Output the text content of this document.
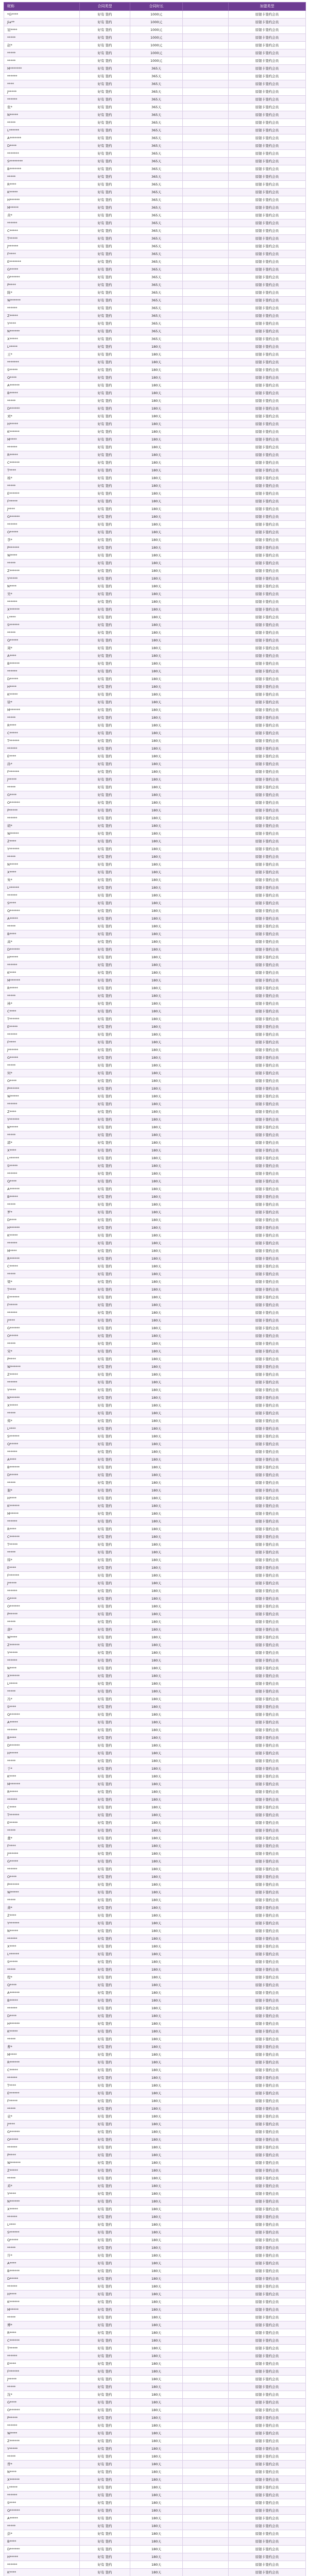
昵称	合同类型	合同时长		加盟类型
*G****	好有 签约	1000元		原银卡签约会员
Jia**	好有 签约	1000元		原银卡签约会员
冠****	好有 签约	1000元		原银卡签约会员
*****	好有 签约	1000元		原银卡签约会员
赵*	好有 签约	1000元		原银卡签约会员
*****	好有 签约	1000元		原银卡签约会员
*****	好有 签约	1000元		原银卡签约会员
M*******	好有 签约	365天		原银卡签约会员
******	好有 签约	365天		原银卡签约会员
****	好有 签约	365天		原银卡签约会员
J*****	好有 签约	365天		原银卡签约会员
******	好有 签约	365天		原银卡签约会员
张*	好有 签约	365天		原银卡签约会员
N*****	好有 签约	365天		原银卡签约会员
*****	好有 签约	365天		原银卡签约会员
L******	好有 签约	365天		原银卡签约会员
A*******	好有 签约	365天		原银卡签约会员
D****	好有 签约	365天		原银卡签约会员
*******	好有 签约	365天		原银卡签约会员
S********	好有 签约	365天		原银卡签约会员
B*******	好有 签约	365天		原银卡签约会员
*****	好有 签约	365天		原银卡签约会员
R****	好有 签约	365天		原银卡签约会员
K*****	好有 签约	365天		原银卡签约会员
H******	好有 签约	365天		原银卡签约会员
M*****	好有 签约	365天		原银卡签约会员
黄*	好有 签约	365天		原银卡签约会员
******	好有 签约	365天		原银卡签约会员
C*****	好有 签约	365天		原银卡签约会员
T*****	好有 签约	365天		原银卡签约会员
J******	好有 签约	365天		原银卡签约会员
F****	好有 签约	365天		原银卡签约会员
E*******	好有 签约	365天		原银卡签约会员
G*****	好有 签约	365天		原银卡签约会员
O******	好有 签约	365天		原银卡签约会员
P****	好有 签约	365天		原银卡签约会员
陈*	好有 签约	365天		原银卡签约会员
W******	好有 签约	365天		原银卡签约会员
******	好有 签约	365天		原银卡签约会员
Z*****	好有 签约	365天		原银卡签约会员
Y****	好有 签约	365天		原银卡签约会员
N******	好有 签约	365天		原银卡签约会员
X*****	好有 签约	365天		原银卡签约会员
L*****	好有 签约	180天		原银卡签约会员
王*	好有 签约	180天		原银卡签约会员
*******	好有 签约	180天		原银卡签约会员
S*****	好有 签约	180天		原银卡签约会员
Q****	好有 签约	180天		原银卡签约会员
A******	好有 签约	180天		原银卡签约会员
B*****	好有 签约	180天		原银卡签约会员
*****	好有 签约	180天		原银卡签约会员
D******	好有 签约	180天		原银卡签约会员
刘*	好有 签约	180天		原银卡签约会员
H*****	好有 签约	180天		原银卡签约会员
K******	好有 签约	180天		原银卡签约会员
M****	好有 签约	180天		原银卡签约会员
******	好有 签约	180天		原银卡签约会员
R*****	好有 签约	180天		原银卡签约会员
C******	好有 签约	180天		原银卡签约会员
T****	好有 签约	180天		原银卡签约会员
杨*	好有 签约	180天		原银卡签约会员
*****	好有 签约	180天		原银卡签约会员
E******	好有 签约	180天		原银卡签约会员
F*****	好有 签约	180天		原银卡签约会员
J****	好有 签约	180天		原银卡签约会员
G******	好有 签约	180天		原银卡签约会员
******	好有 签约	180天		原银卡签约会员
O*****	好有 签约	180天		原银卡签约会员
李*	好有 签约	180天		原银卡签约会员
P******	好有 签约	180天		原银卡签约会员
W****	好有 签约	180天		原银卡签约会员
*****	好有 签约	180天		原银卡签约会员
Z******	好有 签约	180天		原银卡签约会员
Y*****	好有 签约	180天		原银卡签约会员
N****	好有 签约	180天		原银卡签约会员
吴*	好有 签约	180天		原银卡签约会员
******	好有 签约	180天		原银卡签约会员
X******	好有 签约	180天		原银卡签约会员
L****	好有 签约	180天		原银卡签约会员
S******	好有 签约	180天		原银卡签约会员
*****	好有 签约	180天		原银卡签约会员
Q*****	好有 签约	180天		原银卡签约会员
周*	好有 签约	180天		原银卡签约会员
A****	好有 签约	180天		原银卡签约会员
B******	好有 签约	180天		原银卡签约会员
******	好有 签约	180天		原银卡签约会员
D*****	好有 签约	180天		原银卡签约会员
H****	好有 签约	180天		原银卡签约会员
K*****	好有 签约	180天		原银卡签约会员
徐*	好有 签约	180天		原银卡签约会员
M******	好有 签约	180天		原银卡签约会员
*****	好有 签约	180天		原银卡签约会员
R****	好有 签约	180天		原银卡签约会员
C*****	好有 签约	180天		原银卡签约会员
T******	好有 签约	180天		原银卡签约会员
******	好有 签约	180天		原银卡签约会员
E****	好有 签约	180天		原银卡签约会员
孙*	好有 签约	180天		原银卡签约会员
F******	好有 签约	180天		原银卡签约会员
J*****	好有 签约	180天		原银卡签约会员
*****	好有 签约	180天		原银卡签约会员
G****	好有 签约	180天		原银卡签约会员
O******	好有 签约	180天		原银卡签约会员
P*****	好有 签约	180天		原银卡签约会员
******	好有 签约	180天		原银卡签约会员
胡*	好有 签约	180天		原银卡签约会员
W*****	好有 签约	180天		原银卡签约会员
Z****	好有 签约	180天		原银卡签约会员
Y******	好有 签约	180天		原银卡签约会员
*****	好有 签约	180天		原银卡签约会员
N*****	好有 签约	180天		原银卡签约会员
X****	好有 签约	180天		原银卡签约会员
朱*	好有 签约	180天		原银卡签约会员
L******	好有 签约	180天		原银卡签约会员
******	好有 签约	180天		原银卡签约会员
S****	好有 签约	180天		原银卡签约会员
Q******	好有 签约	180天		原银卡签约会员
A*****	好有 签约	180天		原银卡签约会员
*****	好有 签约	180天		原银卡签约会员
B****	好有 签约	180天		原银卡签约会员
高*	好有 签约	180天		原银卡签约会员
D******	好有 签约	180天		原银卡签约会员
H*****	好有 签约	180天		原银卡签约会员
******	好有 签约	180天		原银卡签约会员
K****	好有 签约	180天		原银卡签约会员
M******	好有 签约	180天		原银卡签约会员
R*****	好有 签约	180天		原银卡签约会员
*****	好有 签约	180天		原银卡签约会员
林*	好有 签约	180天		原银卡签约会员
C****	好有 签约	180天		原银卡签约会员
T******	好有 签约	180天		原银卡签约会员
E*****	好有 签约	180天		原银卡签约会员
******	好有 签约	180天		原银卡签约会员
F****	好有 签约	180天		原银卡签约会员
J******	好有 签约	180天		原银卡签约会员
G*****	好有 签约	180天		原银卡签约会员
*****	好有 签约	180天		原银卡签约会员
何*	好有 签约	180天		原银卡签约会员
O****	好有 签约	180天		原银卡签约会员
P******	好有 签约	180天		原银卡签约会员
W*****	好有 签约	180天		原银卡签约会员
******	好有 签约	180天		原银卡签约会员
Z****	好有 签约	180天		原银卡签约会员
Y******	好有 签约	180天		原银卡签约会员
N*****	好有 签约	180天		原银卡签约会员
*****	好有 签约	180天		原银卡签约会员
郭*	好有 签约	180天		原银卡签约会员
X****	好有 签约	180天		原银卡签约会员
L******	好有 签约	180天		原银卡签约会员
S*****	好有 签约	180天		原银卡签约会员
******	好有 签约	180天		原银卡签约会员
Q****	好有 签约	180天		原银卡签约会员
A******	好有 签约	180天		原银卡签约会员
B*****	好有 签约	180天		原银卡签约会员
*****	好有 签约	180天		原银卡签约会员
罗*	好有 签约	180天		原银卡签约会员
D****	好有 签约	180天		原银卡签约会员
H******	好有 签约	180天		原银卡签约会员
K*****	好有 签约	180天		原银卡签约会员
******	好有 签约	180天		原银卡签约会员
M****	好有 签约	180天		原银卡签约会员
R******	好有 签约	180天		原银卡签约会员
C*****	好有 签约	180天		原银卡签约会员
*****	好有 签约	180天		原银卡签约会员
梁*	好有 签约	180天		原银卡签约会员
T****	好有 签约	180天		原银卡签约会员
E******	好有 签约	180天		原银卡签约会员
F*****	好有 签约	180天		原银卡签约会员
******	好有 签约	180天		原银卡签约会员
J****	好有 签约	180天		原银卡签约会员
G******	好有 签约	180天		原银卡签约会员
O*****	好有 签约	180天		原银卡签约会员
*****	好有 签约	180天		原银卡签约会员
宋*	好有 签约	180天		原银卡签约会员
P****	好有 签约	180天		原银卡签约会员
W******	好有 签约	180天		原银卡签约会员
Z*****	好有 签约	180天		原银卡签约会员
******	好有 签约	180天		原银卡签约会员
Y****	好有 签约	180天		原银卡签约会员
N******	好有 签约	180天		原银卡签约会员
X*****	好有 签约	180天		原银卡签约会员
*****	好有 签约	180天		原银卡签约会员
郑*	好有 签约	180天		原银卡签约会员
L****	好有 签约	180天		原银卡签约会员
S******	好有 签约	180天		原银卡签约会员
Q*****	好有 签约	180天		原银卡签约会员
******	好有 签约	180天		原银卡签约会员
A****	好有 签约	180天		原银卡签约会员
B******	好有 签约	180天		原银卡签约会员
D*****	好有 签约	180天		原银卡签约会员
*****	好有 签约	180天		原银卡签约会员
谢*	好有 签约	180天		原银卡签约会员
H****	好有 签约	180天		原银卡签约会员
K******	好有 签约	180天		原银卡签约会员
M*****	好有 签约	180天		原银卡签约会员
******	好有 签约	180天		原银卡签约会员
R****	好有 签约	180天		原银卡签约会员
C******	好有 签约	180天		原银卡签约会员
T*****	好有 签约	180天		原银卡签约会员
*****	好有 签约	180天		原银卡签约会员
韩*	好有 签约	180天		原银卡签约会员
E****	好有 签约	180天		原银卡签约会员
F******	好有 签约	180天		原银卡签约会员
J*****	好有 签约	180天		原银卡签约会员
******	好有 签约	180天		原银卡签约会员
G****	好有 签约	180天		原银卡签约会员
O******	好有 签约	180天		原银卡签约会员
P*****	好有 签约	180天		原银卡签约会员
*****	好有 签约	180天		原银卡签约会员
唐*	好有 签约	180天		原银卡签约会员
W****	好有 签约	180天		原银卡签约会员
Z******	好有 签约	180天		原银卡签约会员
Y*****	好有 签约	180天		原银卡签约会员
******	好有 签约	180天		原银卡签约会员
N****	好有 签约	180天		原银卡签约会员
X******	好有 签约	180天		原银卡签约会员
L*****	好有 签约	180天		原银卡签约会员
*****	好有 签约	180天		原银卡签约会员
冯*	好有 签约	180天		原银卡签约会员
S****	好有 签约	180天		原银卡签约会员
Q******	好有 签约	180天		原银卡签约会员
A*****	好有 签约	180天		原银卡签约会员
******	好有 签约	180天		原银卡签约会员
B****	好有 签约	180天		原银卡签约会员
D******	好有 签约	180天		原银卡签约会员
H*****	好有 签约	180天		原银卡签约会员
*****	好有 签约	180天		原银卡签约会员
于*	好有 签约	180天		原银卡签约会员
K****	好有 签约	180天		原银卡签约会员
M******	好有 签约	180天		原银卡签约会员
R*****	好有 签约	180天		原银卡签约会员
******	好有 签约	180天		原银卡签约会员
C****	好有 签约	180天		原银卡签约会员
T******	好有 签约	180天		原银卡签约会员
E*****	好有 签约	180天		原银卡签约会员
*****	好有 签约	180天		原银卡签约会员
董*	好有 签约	180天		原银卡签约会员
F****	好有 签约	180天		原银卡签约会员
J******	好有 签约	180天		原银卡签约会员
G*****	好有 签约	180天		原银卡签约会员
******	好有 签约	180天		原银卡签约会员
O****	好有 签约	180天		原银卡签约会员
P******	好有 签约	180天		原银卡签约会员
W*****	好有 签约	180天		原银卡签约会员
*****	好有 签约	180天		原银卡签约会员
萧*	好有 签约	180天		原银卡签约会员
Z****	好有 签约	180天		原银卡签约会员
Y******	好有 签约	180天		原银卡签约会员
N*****	好有 签约	180天		原银卡签约会员
******	好有 签约	180天		原银卡签约会员
X****	好有 签约	180天		原银卡签约会员
L******	好有 签约	180天		原银卡签约会员
S*****	好有 签约	180天		原银卡签约会员
*****	好有 签约	180天		原银卡签约会员
程*	好有 签约	180天		原银卡签约会员
Q****	好有 签约	180天		原银卡签约会员
A******	好有 签约	180天		原银卡签约会员
B*****	好有 签约	180天		原银卡签约会员
******	好有 签约	180天		原银卡签约会员
D****	好有 签约	180天		原银卡签约会员
H******	好有 签约	180天		原银卡签约会员
K*****	好有 签约	180天		原银卡签约会员
*****	好有 签约	180天		原银卡签约会员
曹*	好有 签约	180天		原银卡签约会员
M****	好有 签约	180天		原银卡签约会员
R******	好有 签约	180天		原银卡签约会员
C*****	好有 签约	180天		原银卡签约会员
******	好有 签约	180天		原银卡签约会员
T****	好有 签约	180天		原银卡签约会员
E******	好有 签约	180天		原银卡签约会员
F*****	好有 签约	180天		原银卡签约会员
*****	好有 签约	180天		原银卡签约会员
袁*	好有 签约	180天		原银卡签约会员
J****	好有 签约	180天		原银卡签约会员
G******	好有 签约	180天		原银卡签约会员
O*****	好有 签约	180天		原银卡签约会员
******	好有 签约	180天		原银卡签约会员
P****	好有 签约	180天		原银卡签约会员
W******	好有 签约	180天		原银卡签约会员
Z*****	好有 签约	180天		原银卡签约会员
*****	好有 签约	180天		原银卡签约会员
邓*	好有 签约	180天		原银卡签约会员
Y****	好有 签约	180天		原银卡签约会员
N******	好有 签约	180天		原银卡签约会员
X*****	好有 签约	180天		原银卡签约会员
******	好有 签约	180天		原银卡签约会员
L****	好有 签约	180天		原银卡签约会员
S******	好有 签约	180天		原银卡签约会员
Q*****	好有 签约	180天		原银卡签约会员
*****	好有 签约	180天		原银卡签约会员
许*	好有 签约	180天		原银卡签约会员
A****	好有 签约	180天		原银卡签约会员
B******	好有 签约	180天		原银卡签约会员
D*****	好有 签约	180天		原银卡签约会员
******	好有 签约	180天		原银卡签约会员
H****	好有 签约	180天		原银卡签约会员
K******	好有 签约	180天		原银卡签约会员
M*****	好有 签约	180天		原银卡签约会员
*****	好有 签约	180天		原银卡签约会员
傅*	好有 签约	180天		原银卡签约会员
R****	好有 签约	180天		原银卡签约会员
C******	好有 签约	180天		原银卡签约会员
T*****	好有 签约	180天		原银卡签约会员
******	好有 签约	180天		原银卡签约会员
E****	好有 签约	180天		原银卡签约会员
F******	好有 签约	180天		原银卡签约会员
J*****	好有 签约	180天		原银卡签约会员
*****	好有 签约	180天		原银卡签约会员
沈*	好有 签约	180天		原银卡签约会员
G****	好有 签约	180天		原银卡签约会员
O******	好有 签约	180天		原银卡签约会员
P*****	好有 签约	180天		原银卡签约会员
******	好有 签约	180天		原银卡签约会员
W****	好有 签约	180天		原银卡签约会员
Z******	好有 签约	180天		原银卡签约会员
Y*****	好有 签约	180天		原银卡签约会员
*****	好有 签约	180天		原银卡签约会员
曾*	好有 签约	180天		原银卡签约会员
N****	好有 签约	180天		原银卡签约会员
X******	好有 签约	180天		原银卡签约会员
L*****	好有 签约	180天		原银卡签约会员
******	好有 签约	180天		原银卡签约会员
S****	好有 签约	180天		原银卡签约会员
Q******	好有 签约	180天		原银卡签约会员
A*****	好有 签约	180天		原银卡签约会员
*****	好有 签约	180天		原银卡签约会员
彭*	好有 签约	180天		原银卡签约会员
B****	好有 签约	180天		原银卡签约会员
D******	好有 签约	180天		原银卡签约会员
H*****	好有 签约	180天		原银卡签约会员
******	好有 签约	180天		原银卡签约会员
K****	好有 签约	180天		原银卡签约会员
